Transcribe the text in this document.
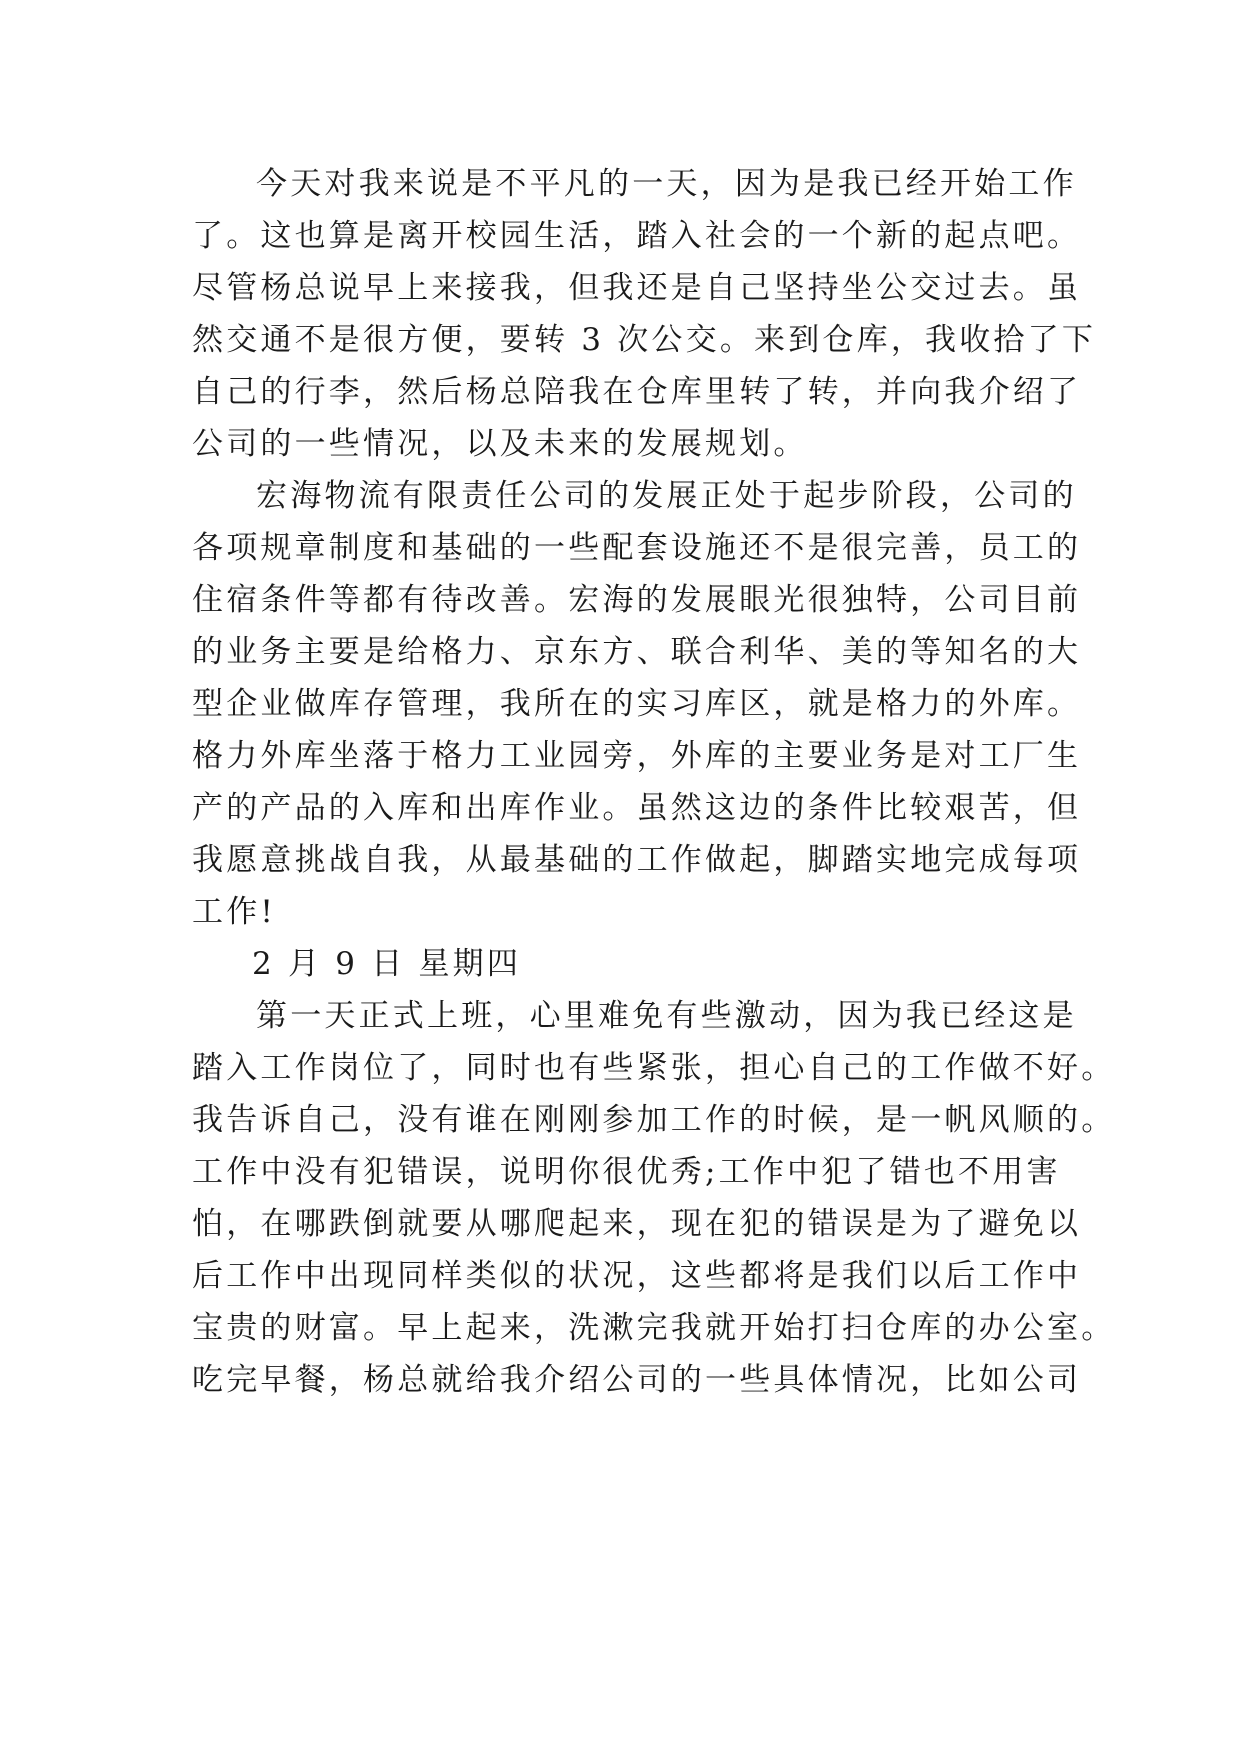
今天对我来说是不平凡的一天，因为是我已经开始工作

了。这也算是离开校园生活，踏入社会的一个新的起点吧。

尽管杨总说早上来接我，但我还是自己坚持坐公交过去。虽

然交通不是很方便，要转 3 次公交。来到仓库，我收拾了下

自己的行李，然后杨总陪我在仓库里转了转，并向我介绍了

公司的一些情况，以及未来的发展规划。

宏海物流有限责任公司的发展正处于起步阶段，公司的

各项规章制度和基础的一些配套设施还不是很完善，员工的

住宿条件等都有待改善。宏海的发展眼光很独特，公司目前

的业务主要是给格力、京东方、联合利华、美的等知名的大

型企业做库存管理，我所在的实习库区，就是格力的外库。

格力外库坐落于格力工业园旁，外库的主要业务是对工厂生

产的产品的入库和出库作业。虽然这边的条件比较艰苦，但

我愿意挑战自我，从最基础的工作做起，脚踏实地完成每项

工作!

2 月 9 日 星期四

第一天正式上班，心里难免有些激动，因为我已经这是

踏入工作岗位了，同时也有些紧张，担心自己的工作做不好。

我告诉自己，没有谁在刚刚参加工作的时候，是一帆风顺的。

工作中没有犯错误，说明你很优秀;工作中犯了错也不用害

怕，在哪跌倒就要从哪爬起来，现在犯的错误是为了避免以

后工作中出现同样类似的状况，这些都将是我们以后工作中

宝贵的财富。早上起来，洗漱完我就开始打扫仓库的办公室。

吃完早餐，杨总就给我介绍公司的一些具体情况，比如公司
